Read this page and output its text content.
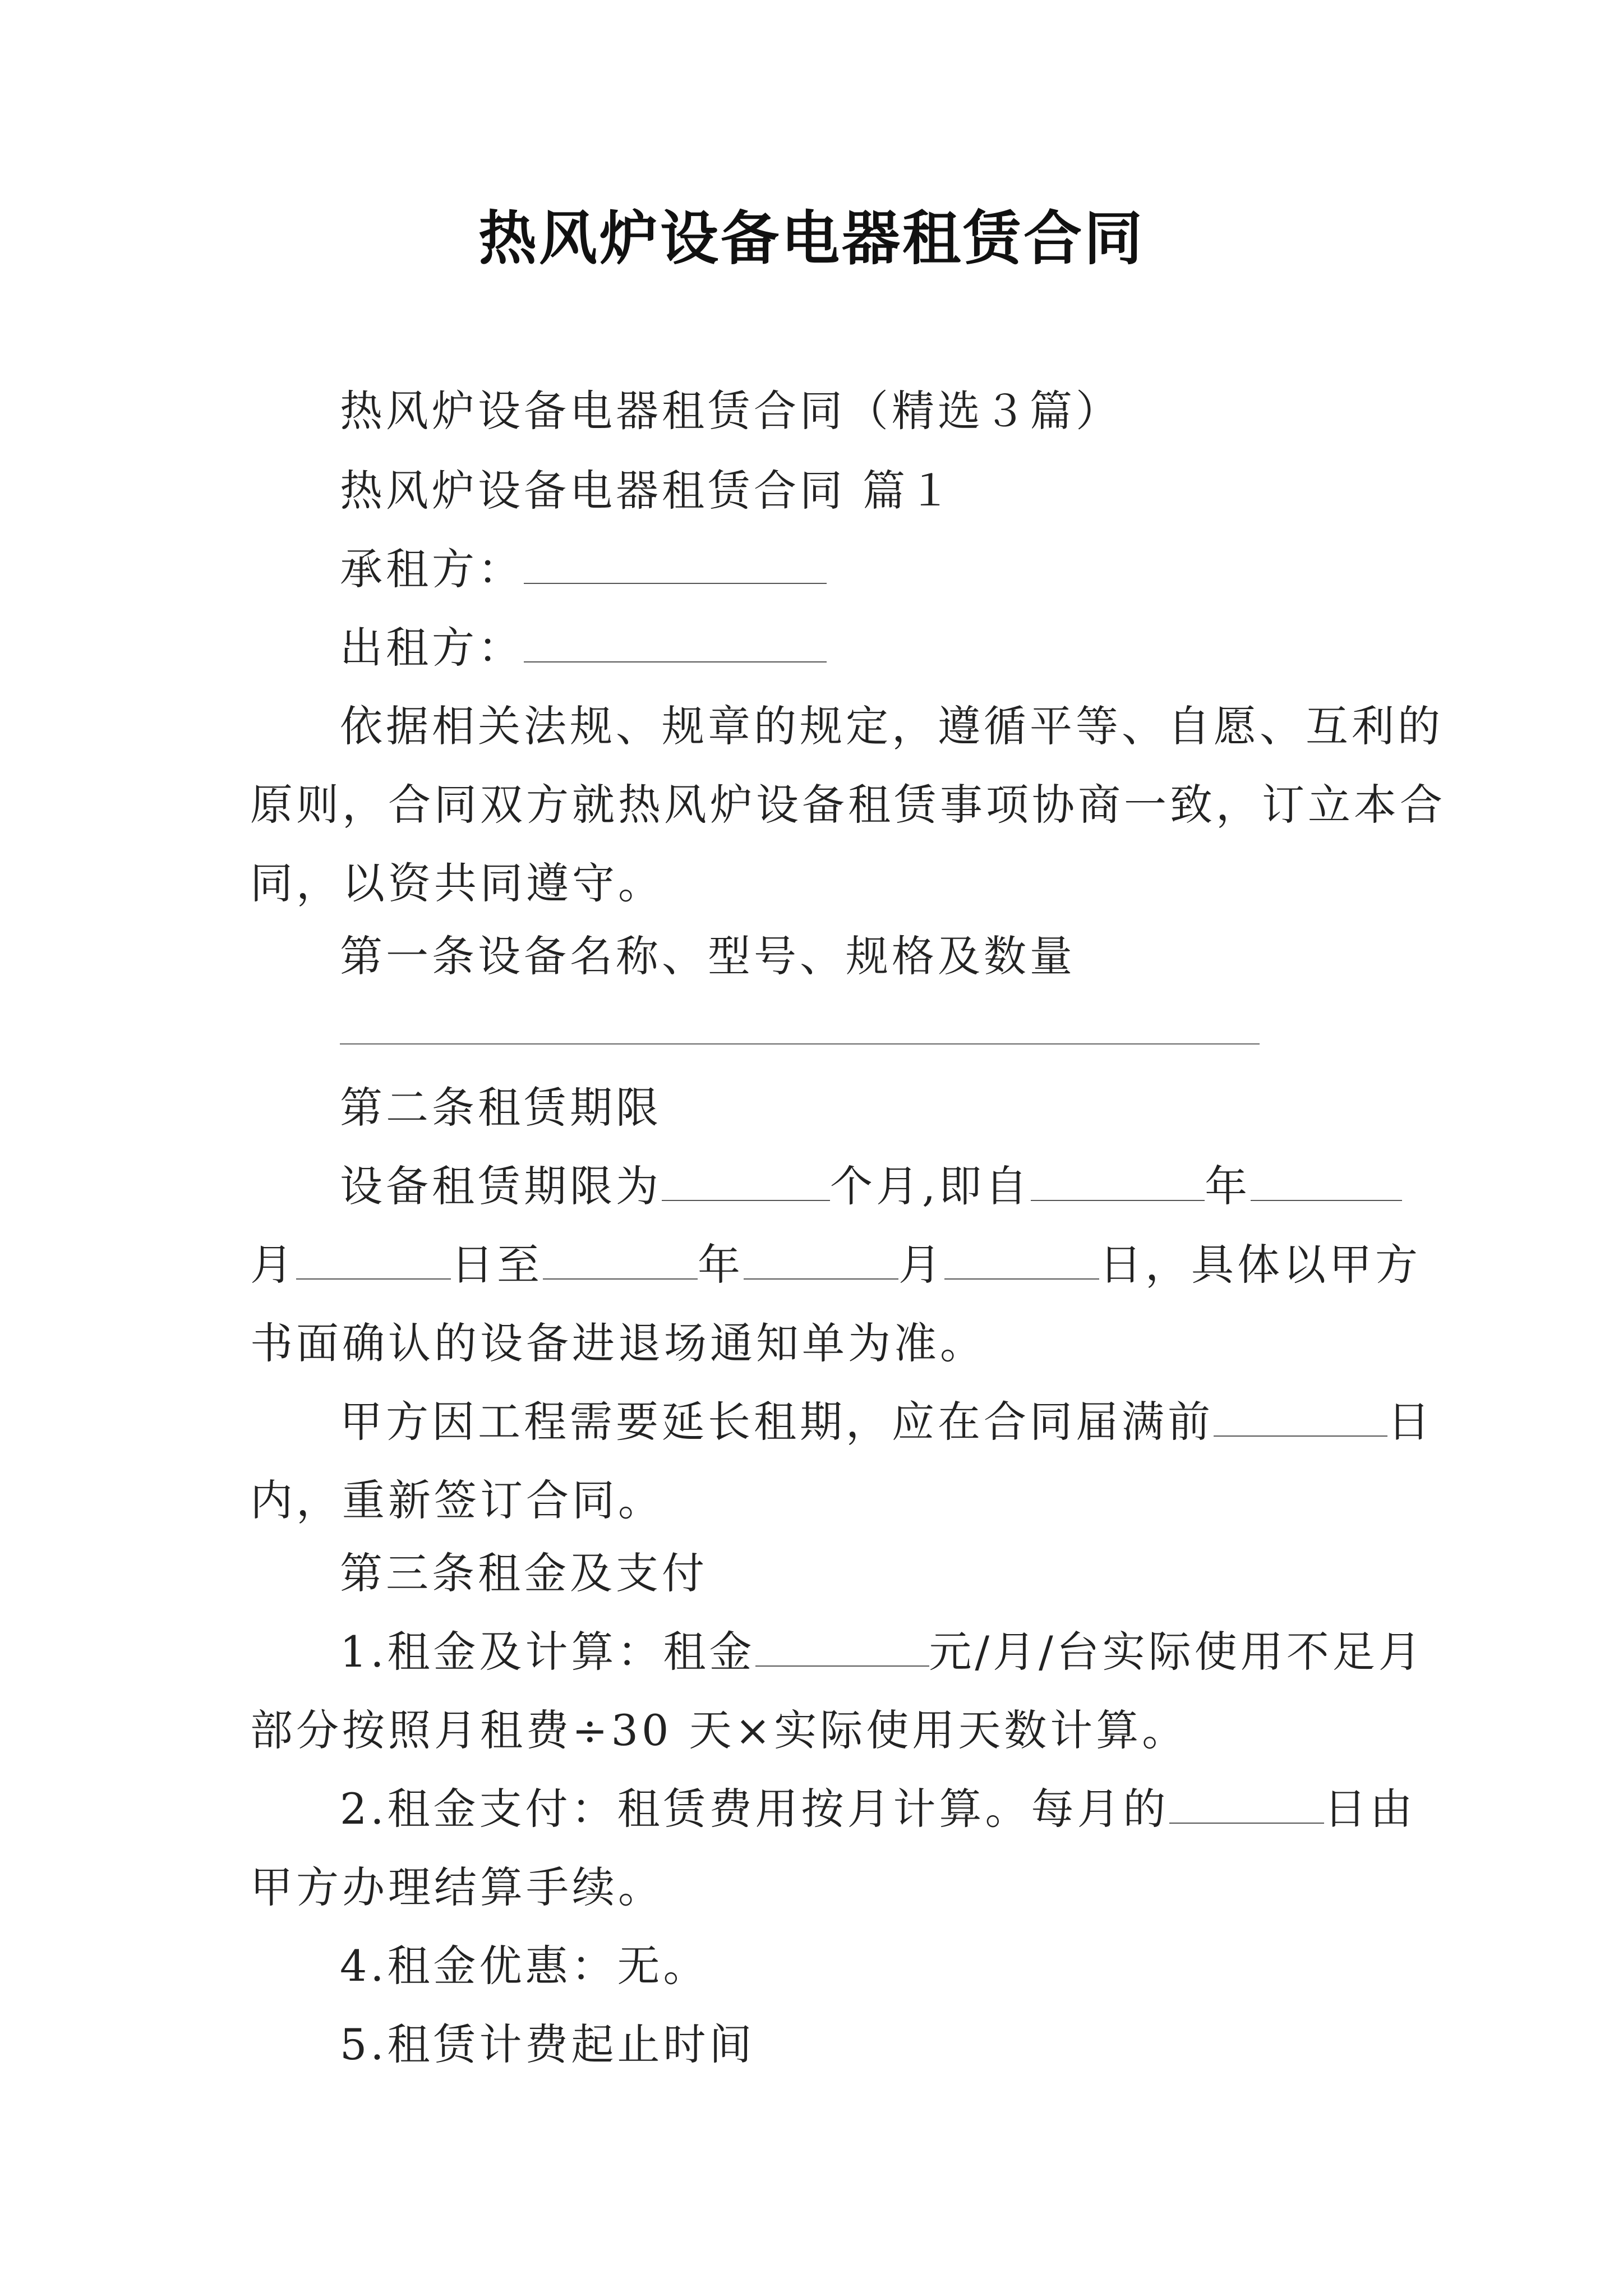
热风炉设备电器租赁合同
热风炉设备电器租赁合同（精选３篇）
热风炉设备电器租赁合同 篇１
承租方：
出租方：
依据相关法规、规章的规定，遵循平等、自愿、互利的
原则，合同双方就热风炉设备租赁事项协商一致，订立本合
同，以资共同遵守。
第一条设备名称、型号、规格及数量
第二条租赁期限
设备租赁期限为	个月,即自	年
月	日至	年	月	日，具体以甲方
书面确认的设备进退场通知单为准。
甲方因工程需要延长租期，应在合同届满前	日
内，重新签订合同。
第三条租金及支付
1.租金及计算：租金	元/月/台实际使用不足月
部分按照月租费÷30 天×实际使用天数计算。
2.租金支付：租赁费用按月计算。每月的	日由
甲方办理结算手续。
4.租金优惠：无。
5.租赁计费起止时间
